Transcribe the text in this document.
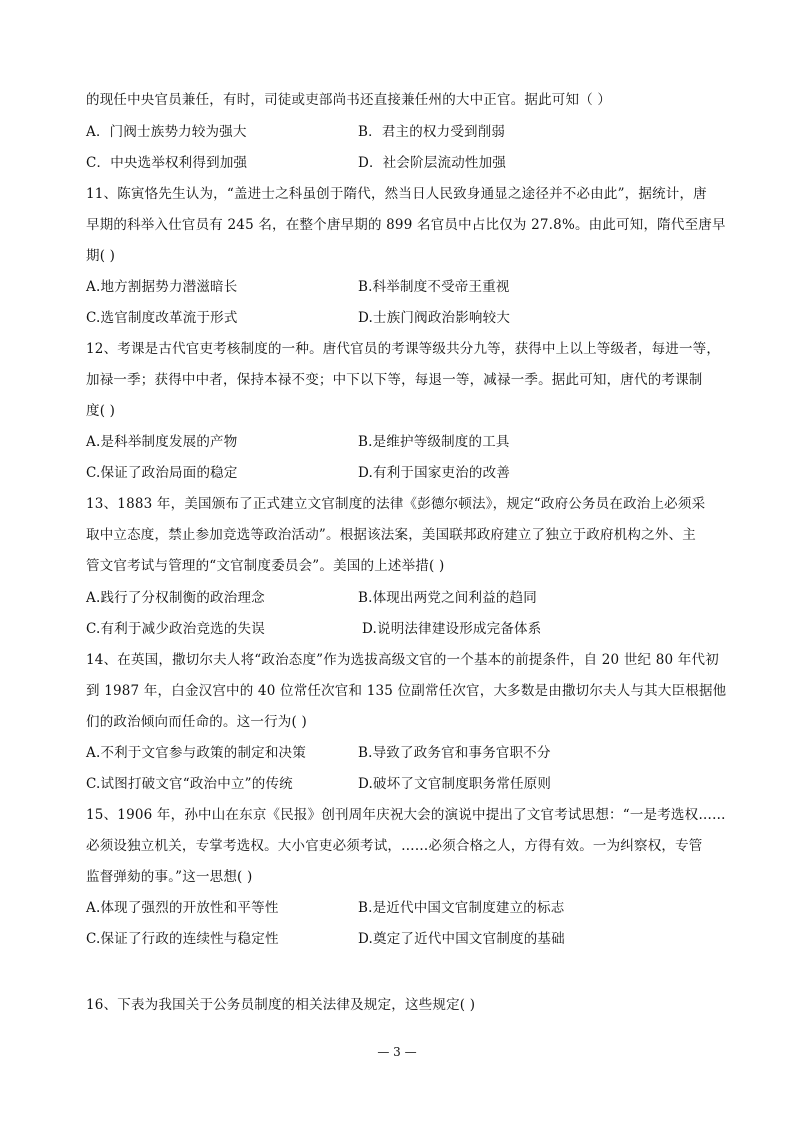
的现任中央官员兼任，有时，司徒或吏部尚书还直接兼任州的大中正官。据此可知（ ）
A．门阀士族势力较为强大	B．君主的权力受到削弱
C．中央选举权利得到加强	D．社会阶层流动性加强
11、陈寅恪先生认为，“盖进士之科虽创于隋代，然当日人民致身通显之途径并不必由此”，据统计，唐
早期的科举入仕官员有 245 名，在整个唐早期的 899 名官员中占比仅为 27.8%。由此可知，隋代至唐早
期( )
A.地方割据势力潜滋暗长	B.科举制度不受帝王重视
C.选官制度改革流于形式	D.士族门阀政治影响较大
12、考课是古代官吏考核制度的一种。唐代官员的考课等级共分九等，获得中上以上等级者，每进一等，
加禄一季；获得中中者，保持本禄不变；中下以下等，每退一等，减禄一季。据此可知，唐代的考课制
度( )
A.是科举制度发展的产物	B.是维护等级制度的工具
C.保证了政治局面的稳定	D.有利于国家吏治的改善
13、1883 年，美国颁布了正式建立文官制度的法律《彭德尔顿法》，规定“政府公务员在政治上必须采
取中立态度，禁止参加竞选等政治活动”。根据该法案，美国联邦政府建立了独立于政府机构之外、主
管文官考试与管理的“文官制度委员会”。美国的上述举措( )
A.践行了分权制衡的政治理念	B.体现出两党之间利益的趋同
C.有利于减少政治竞选的失误	D.说明法律建设形成完备体系
14、在英国，撒切尔夫人将“政治态度”作为选拔高级文官的一个基本的前提条件，自 20 世纪 80 年代初
到 1987 年，白金汉宫中的 40 位常任次官和 135 位副常任次官，大多数是由撒切尔夫人与其大臣根据他
们的政治倾向而任命的。这一行为( )
A.不利于文官参与政策的制定和决策	B.导致了政务官和事务官职不分
C.试图打破文官“政治中立”的传统	D.破坏了文官制度职务常任原则
15、1906 年，孙中山在东京《民报》创刊周年庆祝大会的演说中提出了文官考试思想：“一是考选权……
必须设独立机关，专掌考选权。大小官吏必须考试，……必须合格之人，方得有效。一为纠察权，专管
监督弹劾的事。”这一思想( )
A.体现了强烈的开放性和平等性	B.是近代中国文官制度建立的标志
C.保证了行政的连续性与稳定性	D.奠定了近代中国文官制度的基础
16、下表为我国关于公务员制度的相关法律及规定，这些规定( )
— 3 —
